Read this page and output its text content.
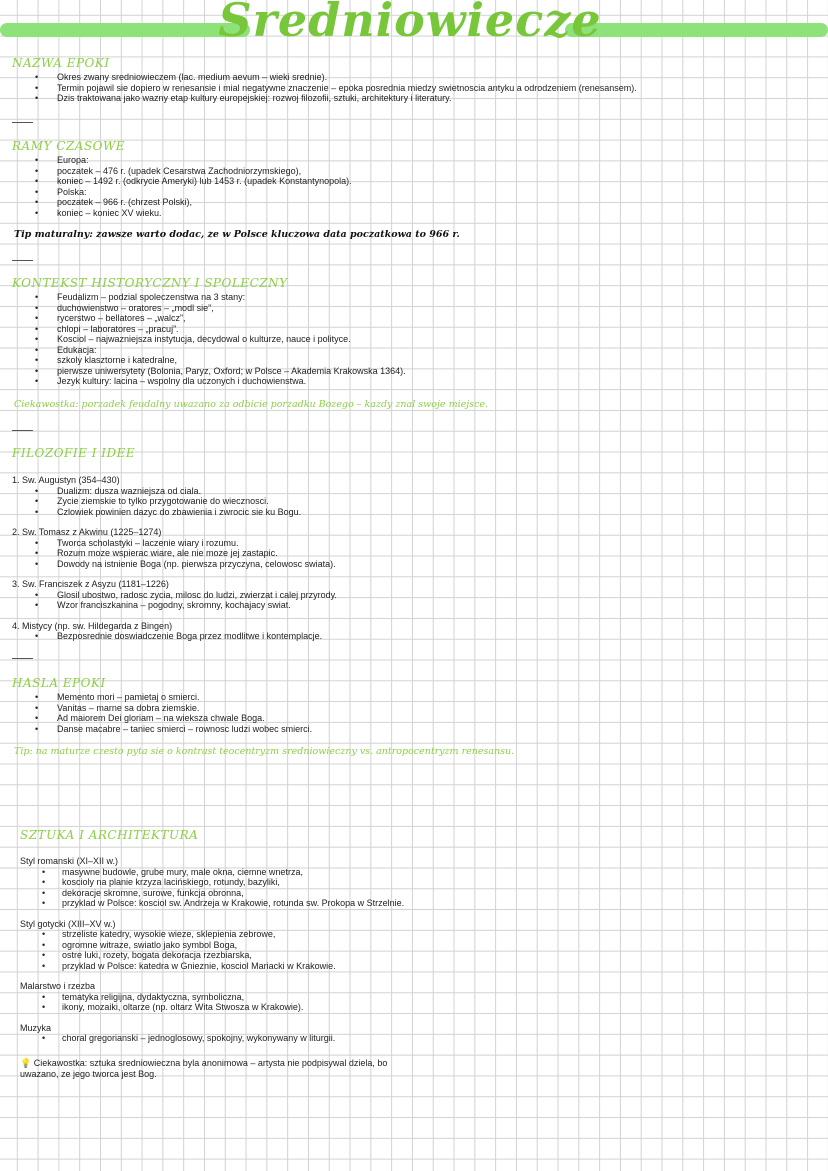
Sredniowiecze
NAZWA EPOKI
• Okres zwany sredniowieczem (lac. medium aevum – wieki srednie).
• Termin pojawil sie dopiero w renesansie i mial negatywne znaczenie – epoka posrednia miedzy swietnoscia antyku a odrodzeniem (renesansem).
• Dzis traktowana jako wazny etap kultury europejskiej: rozwoj filozofii, sztuki, architektury i literatury.
RAMY CZASOWE
• Europa:
• poczatek – 476 r. (upadek Cesarstwa Zachodniorzymskiego),
• koniec – 1492 r. (odkrycie Ameryki) lub 1453 r. (upadek Konstantynopola).
• Polska:
• poczatek – 966 r. (chrzest Polski),
• koniec – koniec XV wieku.
Tip maturalny: zawsze warto dodac, ze w Polsce kluczowa data poczatkowa to 966 r.
KONTEKST HISTORYCZNY I SPOLECZNY
• Feudalizm – podzial spoleczenstwa na 3 stany:
• duchowienstwo – oratores – „modl sie”,
• rycerstwo – bellatores – „walcz”,
• chlopi – laboratores – „pracuj”.
• Kosciol – najwazniejsza instytucja, decydowal o kulturze, nauce i polityce.
• Edukacja:
• szkoly klasztorne i katedralne,
• pierwsze uniwersytety (Bolonia, Paryz, Oxford; w Polsce – Akademia Krakowska 1364).
• Jezyk kultury: lacina – wspolny dla uczonych i duchowienstwa.
Ciekawostka: porzadek feudalny uwazano za odbicie porzadku Bozego – kazdy znal swoje miejsce.
FILOZOFIE I IDEE
1. Sw. Augustyn (354–430)
• Dualizm: dusza wazniejsza od ciala.
• Zycie ziemskie to tylko przygotowanie do wiecznosci.
• Czlowiek powinien dazyc do zbawienia i zwrocic sie ku Bogu.
2. Sw. Tomasz z Akwinu (1225–1274)
• Tworca scholastyki – laczenie wiary i rozumu.
• Rozum moze wspierac wiare, ale nie moze jej zastapic.
• Dowody na istnienie Boga (np. pierwsza przyczyna, celowosc swiata).
3. Sw. Franciszek z Asyzu (1181–1226)
• Glosil ubostwo, radosc zycia, milosc do ludzi, zwierzat i calej przyrody.
• Wzor franciszkanina – pogodny, skromny, kochajacy swiat.
4. Mistycy (np. sw. Hildegarda z Bingen)
• Bezposrednie doswiadczenie Boga przez modlitwe i kontemplacje.
HASLA EPOKI
• Memento mori – pamietaj o smierci.
• Vanitas – marne sa dobra ziemskie.
• Ad maiorem Dei gloriam – na wieksza chwale Boga.
• Danse macabre – taniec smierci – rownosc ludzi wobec smierci.
Tip: na maturze czesto pyta sie o kontrast teocentryzm sredniowieczny vs. antropocentryzm renesansu.
SZTUKA I ARCHITEKTURA
Styl romanski (XI–XII w.)
• masywne budowle, grube mury, male okna, ciemne wnetrza,
• koscioly na planie krzyza lacińskiego, rotundy, bazyliki,
• dekoracje skromne, surowe, funkcja obronna,
• przyklad w Polsce: kosciol sw. Andrzeja w Krakowie, rotunda sw. Prokopa w Strzelnie.
Styl gotycki (XIII–XV w.)
• strzeliste katedry, wysokie wieze, sklepienia zebrowe,
• ogromne witraze, swiatlo jako symbol Boga,
• ostre luki, rozety, bogata dekoracja rzezbiarska,
• przyklad w Polsce: katedra w Gnieznie, kosciol Mariacki w Krakowie.
Malarstwo i rzezba
• tematyka religijna, dydaktyczna, symboliczna,
• ikony, mozaiki, oltarze (np. oltarz Wita Stwosza w Krakowie).
Muzyka
• choral gregorianski – jednoglosowy, spokojny, wykonywany w liturgii.
💡 Ciekawostka: sztuka sredniowieczna byla anonimowa – artysta nie podpisywal dziela, bo
uwazano, ze jego tworca jest Bog.
